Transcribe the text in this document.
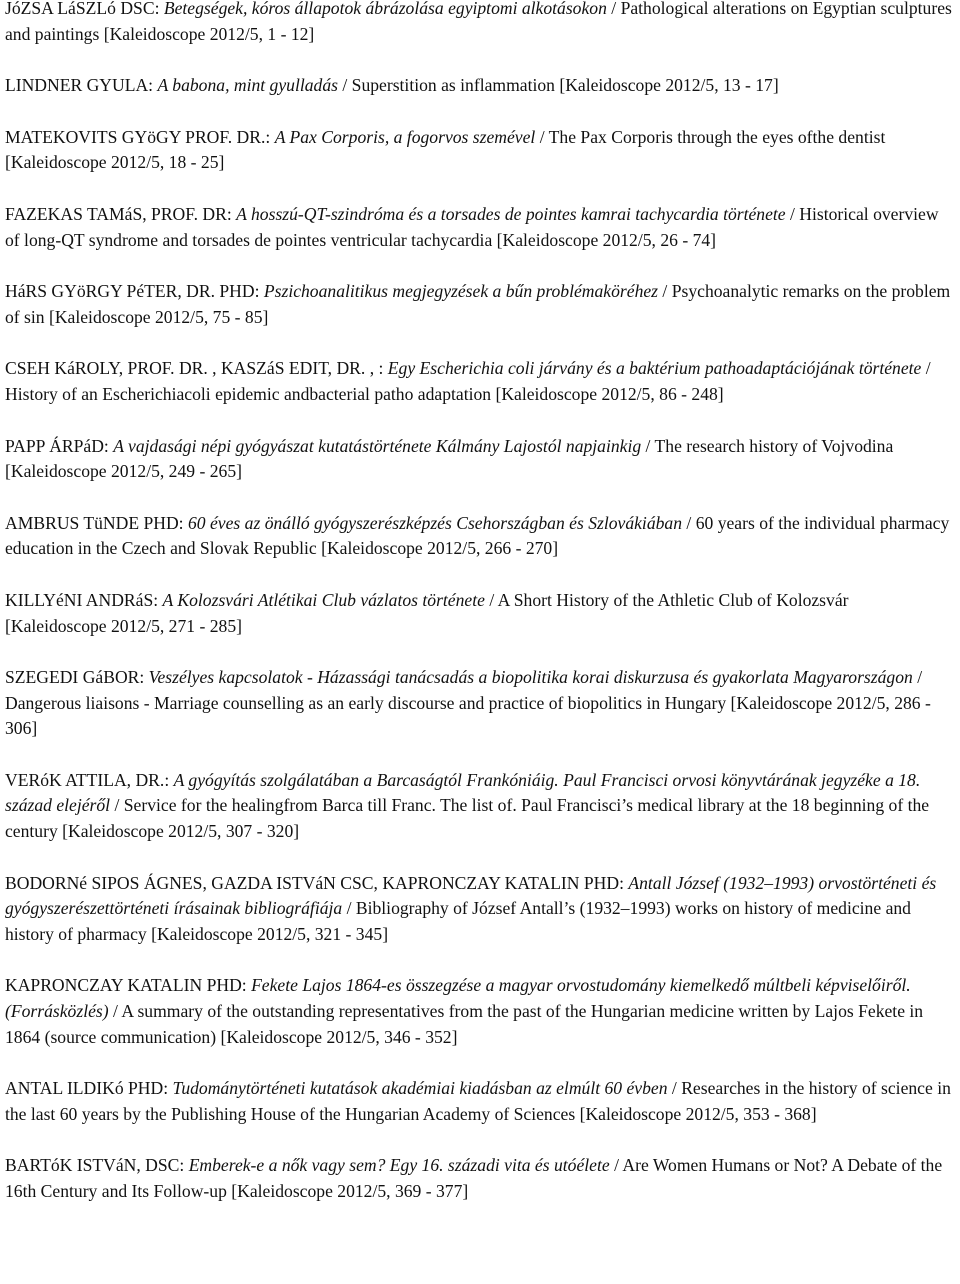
JóZSA LáSZLó DSC: Betegségek, kóros állapotok ábrázolása egyiptomi alkotásokon / Pathological alterations on Egyptian sculptures and paintings [Kaleidoscope 2012/5, 1 - 12]

LINDNER GYULA: A babona, mint gyulladás / Superstition as inflammation [Kaleidoscope 2012/5, 13 - 17]

MATEKOVITS GYöGY PROF. DR.: A Pax Corporis, a fogorvos szemével / The Pax Corporis through the eyes ofthe dentist [Kaleidoscope 2012/5, 18 - 25]

FAZEKAS TAMáS, PROF. DR: A hosszú-QT-szindróma és a torsades de pointes kamrai tachycardia története / Historical overview of long-QT syndrome and torsades de pointes ventricular tachycardia [Kaleidoscope 2012/5, 26 - 74]

HáRS GYöRGY PéTER, DR. PHD: Pszichoanalitikus megjegyzések a bűn problémaköréhez / Psychoanalytic remarks on the problem of sin [Kaleidoscope 2012/5, 75 - 85]

CSEH KáROLY, PROF. DR. , KASZáS EDIT, DR. , : Egy Escherichia coli járvány és a baktérium pathoadaptációjának története / History of an Escherichiacoli epidemic andbacterial patho adaptation [Kaleidoscope 2012/5, 86 - 248]

PAPP ÁRPáD: A vajdasági népi gyógyászat kutatástörténete Kálmány Lajostól napjainkig / The research history of Vojvodina [Kaleidoscope 2012/5, 249 - 265]

AMBRUS TüNDE PHD: 60 éves az önálló gyógyszerészképzés Csehországban és Szlovákiában / 60 years of the individual pharmacy education in the Czech and Slovak Republic [Kaleidoscope 2012/5, 266 - 270]

KILLYéNI ANDRáS: A Kolozsvári Atlétikai Club vázlatos története / A Short History of the Athletic Club of Kolozsvár [Kaleidoscope 2012/5, 271 - 285]

SZEGEDI GáBOR: Veszélyes kapcsolatok - Házassági tanácsadás a biopolitika korai diskurzusa és gyakorlata Magyarországon / Dangerous liaisons - Marriage counselling as an early discourse and practice of biopolitics in Hungary [Kaleidoscope 2012/5, 286 - 306]

VERóK ATTILA, DR.: A gyógyítás szolgálatában a Barcaságtól Frankóniáig. Paul Francisci orvosi könyvtárának jegyzéke a 18. század elejéről / Service for the healingfrom Barca till Franc. The list of. Paul Francisci’s medical library at the 18 beginning of the century [Kaleidoscope 2012/5, 307 - 320]

BODORNé SIPOS ÁGNES, GAZDA ISTVáN CSC, KAPRONCZAY KATALIN PHD: Antall József (1932–1993) orvostörténeti és gyógyszerészettörténeti írásainak bibliográfiája / Bibliography of József Antall’s (1932–1993) works on history of medicine and history of pharmacy [Kaleidoscope 2012/5, 321 - 345]

KAPRONCZAY KATALIN PHD: Fekete Lajos 1864-es összegzése a magyar orvostudomány kiemelkedő múltbeli képviselőiről. (Forrásközlés) / A summary of the outstanding representatives from the past of the Hungarian medicine written by Lajos Fekete in 1864 (source communication) [Kaleidoscope 2012/5, 346 - 352]

ANTAL ILDIKó PHD: Tudománytörténeti kutatások akadémiai kiadásban az elmúlt 60 évben / Researches in the history of science in the last 60 years by the Publishing House of the Hungarian Academy of Sciences [Kaleidoscope 2012/5, 353 - 368]

BARTóK ISTVáN, DSC: Emberek-e a nők vagy sem? Egy 16. századi vita és utóélete / Are Women Humans or Not? A Debate of the 16th Century and Its Follow-up [Kaleidoscope 2012/5, 369 - 377]
